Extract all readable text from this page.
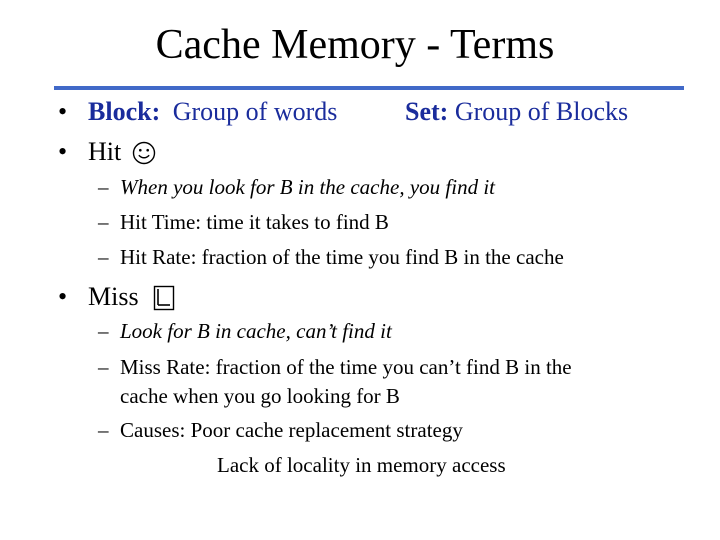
Cache Memory - Terms
• Block: Group of words	Set: Group of Blocks
• Hit
– When you look for B in the cache, you find it
– Hit Time: time it takes to find B
– Hit Rate: fraction of the time you find B in the cache
• Miss
– Look for B in cache, can’t find it
– Miss Rate: fraction of the time you can’t find B in the
cache when you go looking for B
– Causes: Poor cache replacement strategy
Lack of locality in memory access
